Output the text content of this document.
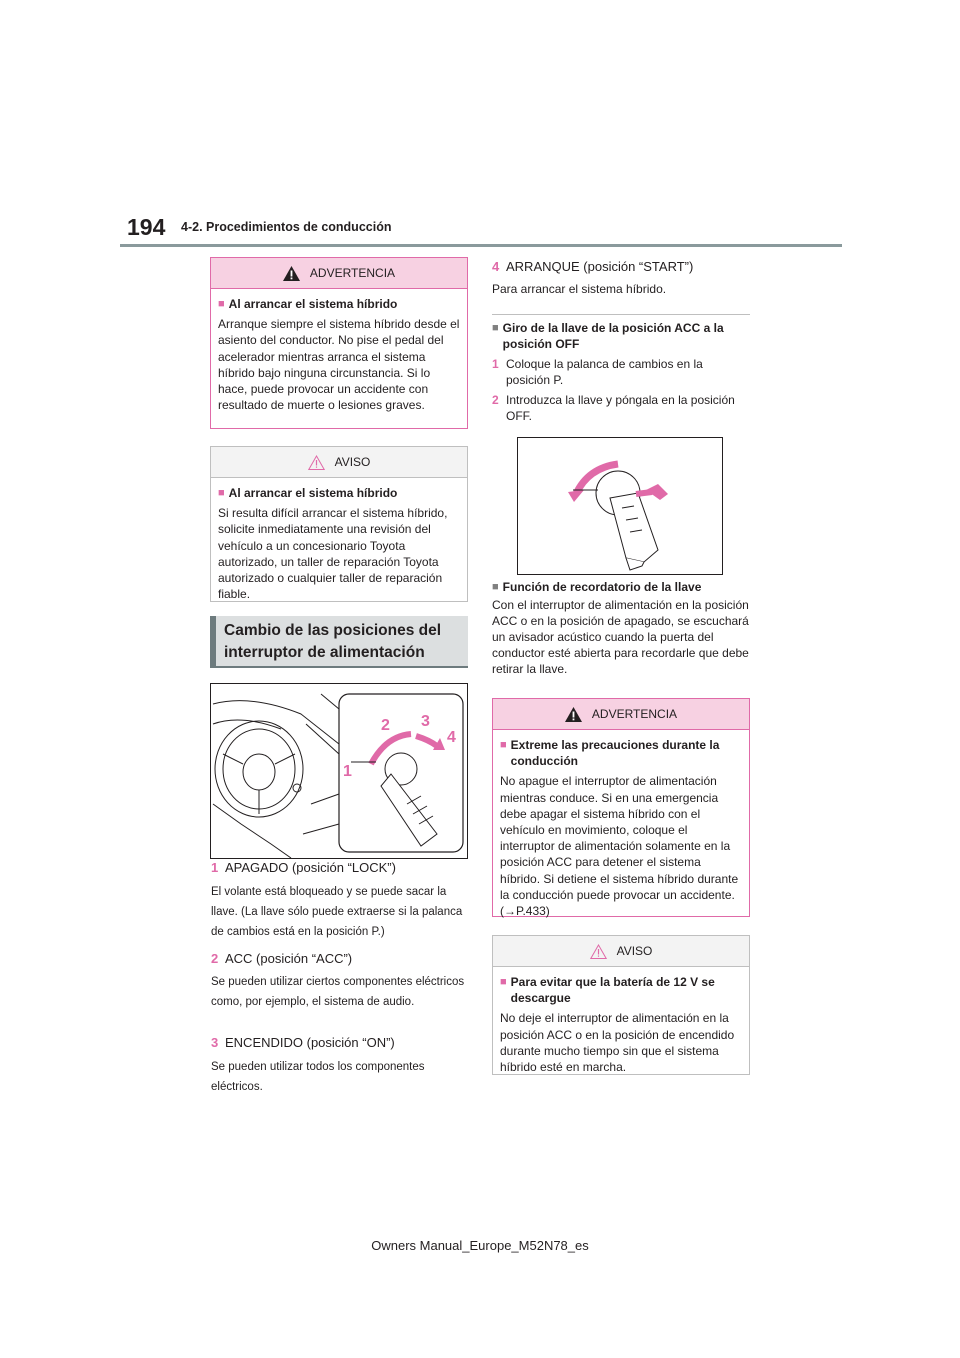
194 4-2. Procedimientos de conducción
ADVERTENCIA
■ Al arrancar el sistema híbrido
Arranque siempre el sistema híbrido desde el asiento del conductor. No pise el pedal del acelerador mientras arranca el sistema híbrido bajo ninguna circunstancia. Si lo hace, puede provocar un accidente con resultado de muerte o lesiones graves.
AVISO
■ Al arrancar el sistema híbrido
Si resulta difícil arrancar el sistema híbrido, solicite inmediatamente una revisión del vehículo a un concesionario Toyota autorizado, un taller de reparación Toyota autorizado o cualquier taller de reparación fiable.
Cambio de las posiciones del interruptor de alimentación
1
2 3
4
1 APAGADO (posición “LOCK”)
El volante está bloqueado y se puede sacar la llave. (La llave sólo puede extraerse si la palanca de cambios está en la posición P.)
2 ACC (posición “ACC”)
Se pueden utilizar ciertos componentes eléctricos como, por ejemplo, el sistema de audio.
3 ENCENDIDO (posición “ON”)
Se pueden utilizar todos los componentes eléctricos.
4 ARRANQUE (posición “START”)
Para arrancar el sistema híbrido.
■ Giro de la llave de la posición ACC a la posición OFF
1 Coloque la palanca de cambios en la posición P.
2 Introduzca la llave y póngala en la posición OFF.
■ Función de recordatorio de la llave
Con el interruptor de alimentación en la posición ACC o en la posición de apagado, se escuchará un avisador acústico cuando la puerta del conductor esté abierta para recordarle que debe retirar la llave.
ADVERTENCIA
■ Extreme las precauciones durante la conducción
No apague el interruptor de alimentación mientras conduce. Si en una emergencia debe apagar el sistema híbrido con el vehículo en movimiento, coloque el interruptor de alimentación solamente en la posición ACC para detener el sistema híbrido. Si detiene el sistema híbrido durante la conducción puede provocar un accidente. (→P.433)
AVISO
■ Para evitar que la batería de 12 V se descargue
No deje el interruptor de alimentación en la posición ACC o en la posición de encendido durante mucho tiempo sin que el sistema híbrido esté en marcha.
Owners Manual_Europe_M52N78_es
